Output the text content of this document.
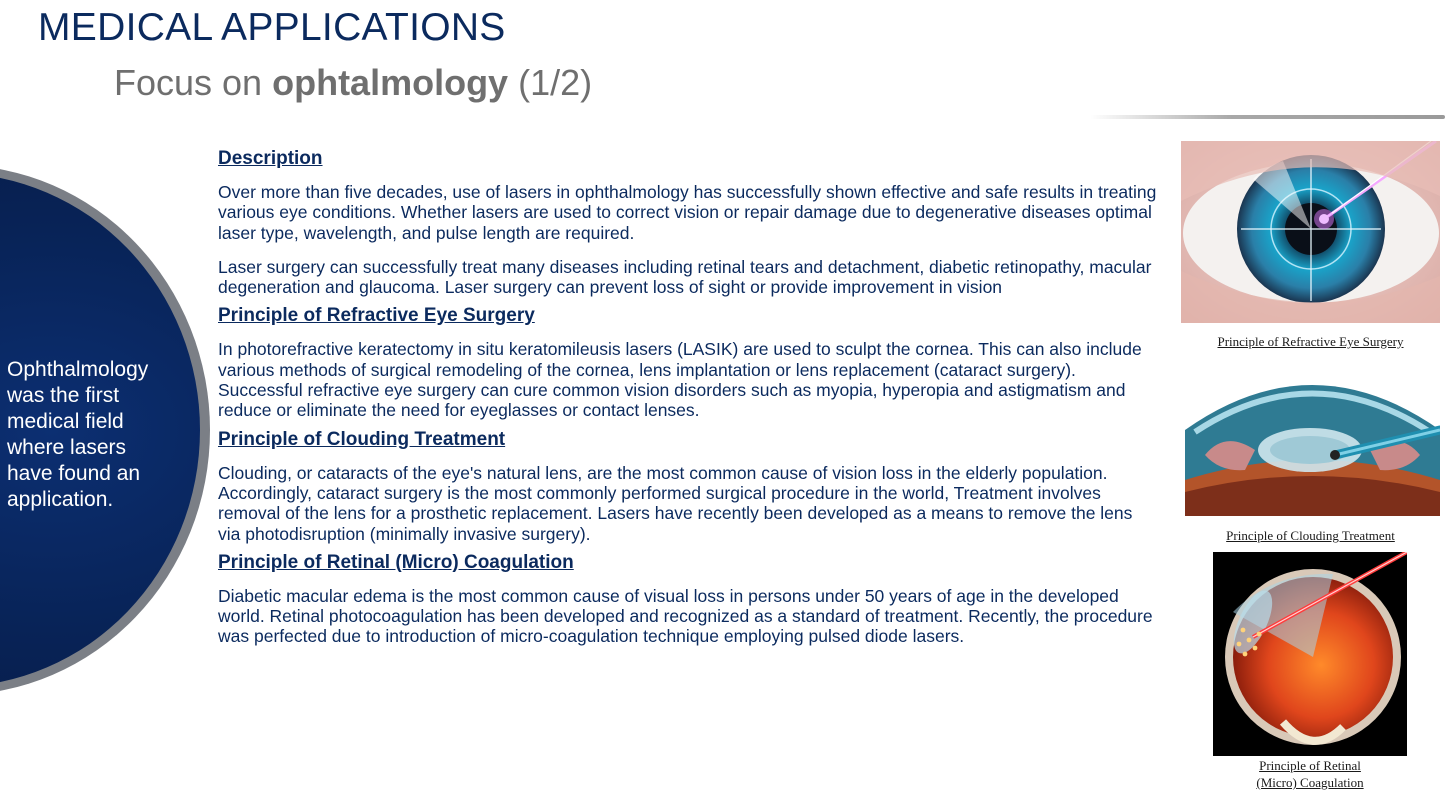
MEDICAL APPLICATIONS
Focus on ophtalmology (1/2)
Ophthalmology was the first medical field where lasers have found an application.
Description

Over more than five decades, use of lasers in ophthalmology has successfully shown effective and safe results in treating various eye conditions. Whether lasers are used to correct vision or repair damage due to degenerative diseases optimal laser type, wavelength, and pulse length are required.

Laser surgery can successfully treat many diseases including retinal tears and detachment, diabetic retinopathy, macular degeneration and glaucoma. Laser surgery can prevent loss of sight or provide improvement in vision

Principle of Refractive Eye Surgery

In photorefractive keratectomy in situ keratomileusis lasers (LASIK) are used to sculpt the cornea. This can also include various methods of surgical remodeling of the cornea, lens implantation or lens replacement (cataract surgery). Successful refractive eye surgery can cure common vision disorders such as myopia, hyperopia and astigmatism and reduce or eliminate the need for eyeglasses or contact lenses.

Principle of Clouding Treatment

Clouding, or cataracts of the eye's natural lens, are the most common cause of vision loss in the elderly population. Accordingly, cataract surgery is the most commonly performed surgical procedure in the world, Treatment involves removal of the lens for a prosthetic replacement. Lasers have recently been developed as a means to remove the lens via photodisruption (minimally invasive surgery).

Principle of Retinal (Micro) Coagulation

Diabetic macular edema is the most common cause of visual loss in persons under 50 years of age in the developed world. Retinal photocoagulation has been developed and recognized as a standard of treatment. Recently, the procedure was perfected due to introduction of micro-coagulation technique employing pulsed diode lasers.

Principle of Refractive Eye Surgery
Principle of Clouding Treatment
Principle of Retinal
(Micro) Coagulation
